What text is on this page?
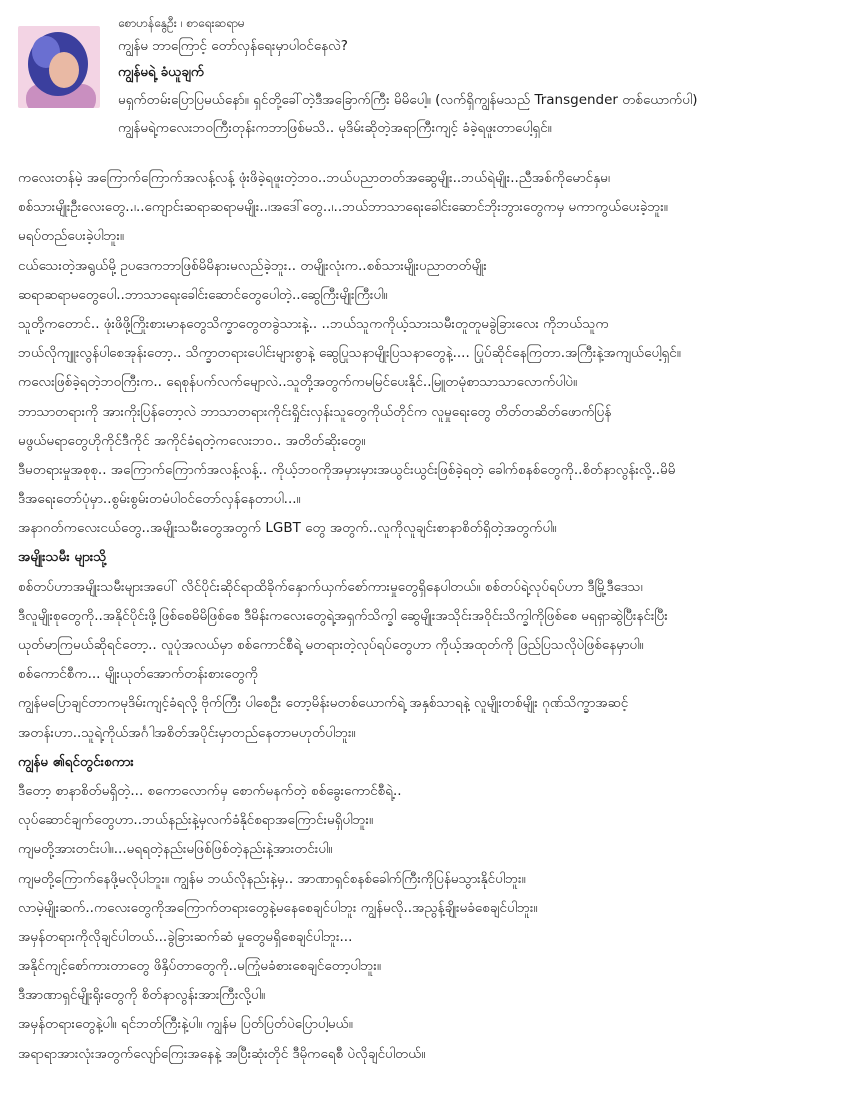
စောဟန်နွေဦး ၊ စာရေးဆရာမ
ကျွန်မ ဘာကြောင့် တော်လှန်ရေးမှာပါဝင်နေလဲ?
ကျွန်မရဲ့ ခံယူချက်
မရှက်တမ်းပြောပြမယ်နော်။ ရှင်တို့ခေါ်တဲ့ဒီအခြောက်ကြီး မိမိပေါ့။ (လက်ရှိကျွန်မသည် Transgender တစ်ယောက်ပါ)
ကျွန်မရဲ့ကလေးဘဝကြီးတုန်းကဘာဖြစ်မသိ.. မုဒိမ်းဆိုတဲ့အရာကြီးကျင့် ခံခဲ့ရဖူးတာပေါ့ရှင်။
ကလေးတန်မဲ့ အကြောက်ကြောက်အလန့်လန့် ဖုံးဖိခဲ့ရဖူးတဲ့ဘဝ..ဘယ်ပညာတတ်အဆွေမျိုး..ဘယ်ရဲမျိုး..ညီအစ်ကိုမောင်နှမ၊
စစ်သားမျိုးဦးလေးတွေ..၊..ကျောင်းဆရာဆရာမမျိုး..၊အဒေါ်တွေ..၊..ဘယ်ဘာသာရေးခေါင်းဆောင်ဘိုးဘွားတွေကမှ မကာကွယ်ပေးခဲ့ဘူး။
မရပ်တည်ပေးခဲ့ပါဘူး။
ငယ်သေးတဲ့အရွယ်မို့ ဥပဒေကဘာဖြစ်မိမိနားမလည်ခဲ့ဘူး.. တမျိုးလုံးက..စစ်သားမျိုးပညာတတ်မျိုး
ဆရာဆရာမတွေပေါ..ဘာသာရေးခေါင်းဆောင်တွေပေါတဲ့..ဆွေကြီးမျိုးကြီးပါ။
သူတို့ကတောင်.. ဖုံးဖိဖို့ကြိုးစားမာနတွေသိက္ခာတွေတခွဲသားနဲ့.. ..ဘယ်သူကကိုယ့်သားသမီးတူတူမခွဲခြားလေး ကိုဘယ်သူက
ဘယ်လိုကျူးလွန်ပါစေအုန်းတော့.. သိက္ခာတရားပေါင်းများစွာနဲ့ ဆွေပြုသနာမျိုးပြသနာတွေနဲ့.... ပြုပ်ဆိုင်နေကြတာ.အကြီးနဲ့အကျယ်ပေါ့ရှင်။
ကလေးဖြစ်ခဲ့ရတဲ့ဘဝကြီးက.. ရေစုန်ပက်လက်မျောလဲ..သူတို့အတွက်ကမမြင်ပေးနိုင်..မြူတမုံစာသာသာလောက်ပါပဲ။
ဘာသာတရားကို အားကိုးပြန်တော့လဲ ဘာသာတရားကိုင်းရှိုင်းလှန်းသူတွေကိုယ်တိုင်က လူမှုရေးတွေ တိတ်တဆိတ်ဖောက်ပြန်
မဖွယ်မရာတွေဟိုကိုင်ဒီကိုင် အကိုင်ခံရတဲ့ကလေးဘဝ.. အတိတ်ဆိုးတွေ။
ဒီမတရားမှုအစုစု.. အကြောက်ကြောက်အလန့်လန့်.. ကိုယ့်ဘဝကိုအမှားမှားအယွင်းယွင်းဖြစ်ခဲ့ရတဲ့ ခေါက်စနစ်တွေကို..စိတ်နာလွန်းလို့..မိမိ
ဒီအရေးတော်ပုံမှာ..စွမ်းစွမ်းတမံပါဝင်တော်လှန်နေတာပါ...။
အနာဂတ်ကလေးငယ်တွေ..အမျိုးသမီးတွေအတွက် LGBT တွေ အတွက်..လူကိုလူချင်းစာနာစိတ်ရှိတဲ့အတွက်ပါ။
အမျိုးသမီး များသို့
စစ်တပ်ဟာအမျိုးသမီးများအပေါ် လိင်ပိုင်းဆိုင်ရာထိခိုက်နှောက်ယှက်စော်ကားမှုတွေရှိနေပါတယ်။ စစ်တပ်ရဲ့လုပ်ရပ်ဟာ ဒီမြို့ဒီဒေသ၊
ဒီလူမျိုးစုတွေကို..အနိုင်ပိုင်းဖို့ဖြစ်စေမိမိဖြစ်စေ ဒီမိန်းကလေးတွေရဲ့အရှက်သိက္ခါ ဆွေမျိုးအသိုင်းအဝိုင်းသိက္ခါကိုဖြစ်စေ မရရှာဆွဲပြီးနင်းပြီး
ယုတ်မာကြမယ်ဆိုရင်တော့.. လူပုံအလယ်မှာ စစ်ကောင်စီရဲ့ မတရားတဲ့လုပ်ရပ်တွေဟာ ကိုယ့်အထုတ်ကို ဖြည်ပြသလိုပဲဖြစ်နေမှာပါ။
စစ်ကောင်စီက... မျိုးယုတ်အောက်တန်းစားတွေကို
ကျွန်မပြောချင်တာကမုဒိမ်းကျင့်ခံရလို့ ဗိုက်ကြီး ပါစေဦး တော့မိန်းမတစ်ယောက်ရဲ့ အနှစ်သာရနဲ့ လူမျိုးတစ်မျိုး ဂုဏ်သိက္ခာအဆင့်
အတန်းဟာ..သူရဲ့ကိုယ်အင်္ဂါအစိတ်အပိုင်းမှာတည်နေတာမဟုတ်ပါဘူး။
ကျွန်မ ၏ရင်တွင်းစကား
ဒီတော့ စာနာစိတ်မရှိတဲ့... စကောလောက်မှ စောက်မနက်တဲ့ စစ်ခွေးကောင်စီရဲ့..
လုပ်ဆောင်ချက်တွေဟာ..ဘယ်နည်းနဲ့မှလက်ခံနိုင်စရာအကြောင်းမရှိပါဘူး။
ကျမတို့အားတင်းပါ။...မရရတဲ့နည်းမဖြစ်ဖြစ်တဲ့နည်းနဲ့အားတင်းပါ။
ကျမတို့ကြောက်နေဖို့မလိုပါဘူး။ ကျွန်မ ဘယ်လိုနည်းနဲ့မှ.. အာဏာရှင်စနစ်ခေါက်ကြီးကိုပြန်မသွားနိုင်ပါဘူး။
လာမဲ့မျိုးဆက်..ကလေးတွေကိုအကြောက်တရားတွေနဲ့မနေစေချင်ပါဘူး ကျွန်မလို..အညွန့်ချိုးမခံစေချင်ပါဘူး။
အမှန်တရားကိုလိုချင်ပါတယ်...ခွဲခြားဆက်ဆံ မှုတွေမရှိစေချင်ပါဘူး...
အနိုင်ကျင့်စော်ကားတာတွေ ဖိနှိပ်တာတွေကို..မကြုံမခံစားစေချင်တော့ပါဘူး။
ဒီအာဏာရှင်မျိုးရိုးတွေကို စိတ်နာလွန်းအားကြီးလို့ပါ။
အမှန်တရားတွေနဲ့ပါ။ ရင်ဘတ်ကြီးနဲ့ပါ။ ကျွန်မ ပြတ်ပြတ်ပဲပြောပါ့မယ်။
အရာရာအားလုံးအတွက်လျော်ကြေးအနေနဲ့ အပြီးဆုံးတိုင် ဒီမိုကရေစီ ပဲလိုချင်ပါတယ်။
